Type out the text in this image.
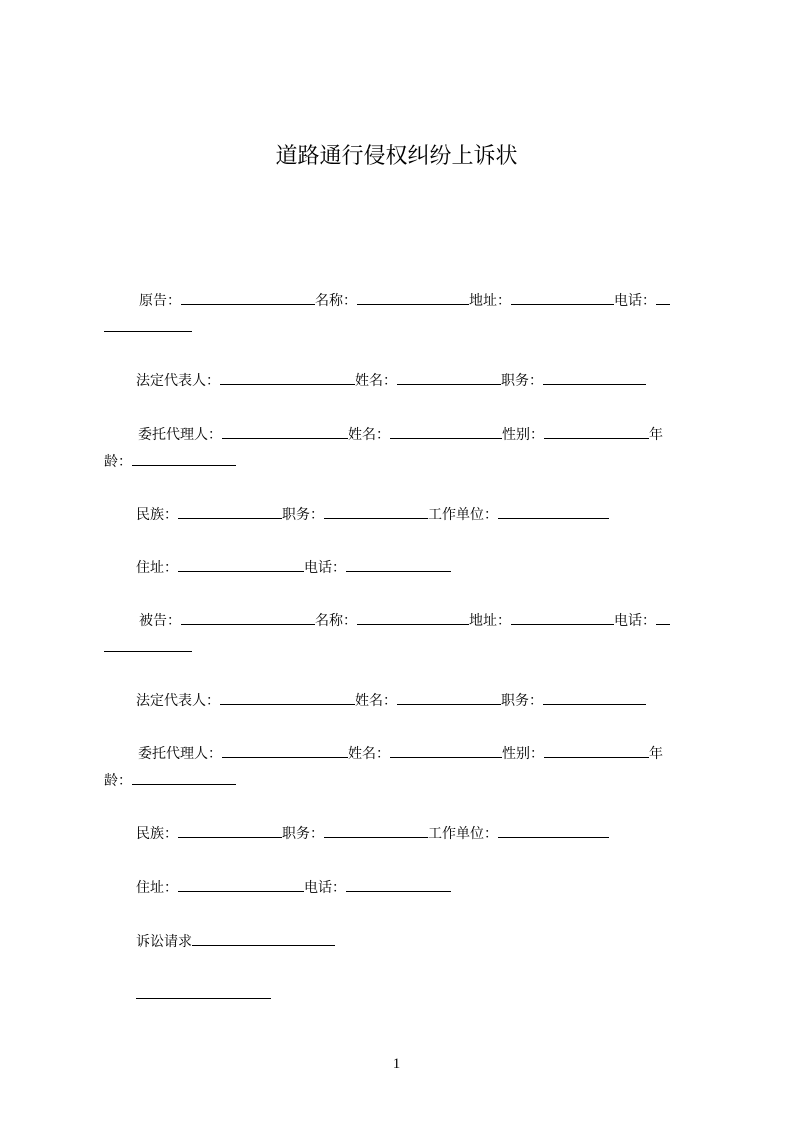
道路通行侵权纠纷上诉状
原告：	名称：	地址：	电话：
法定代表人：	姓名：	职务：
委托代理人：	姓名：	性别：	年
龄：
民族：	职务：	工作单位：
住址：	电话：
被告：	名称：	地址：	电话：
法定代表人：	姓名：	职务：
委托代理人：	姓名：	性别：	年
龄：
民族：	职务：	工作单位：
住址：	电话：
诉讼请求
1
